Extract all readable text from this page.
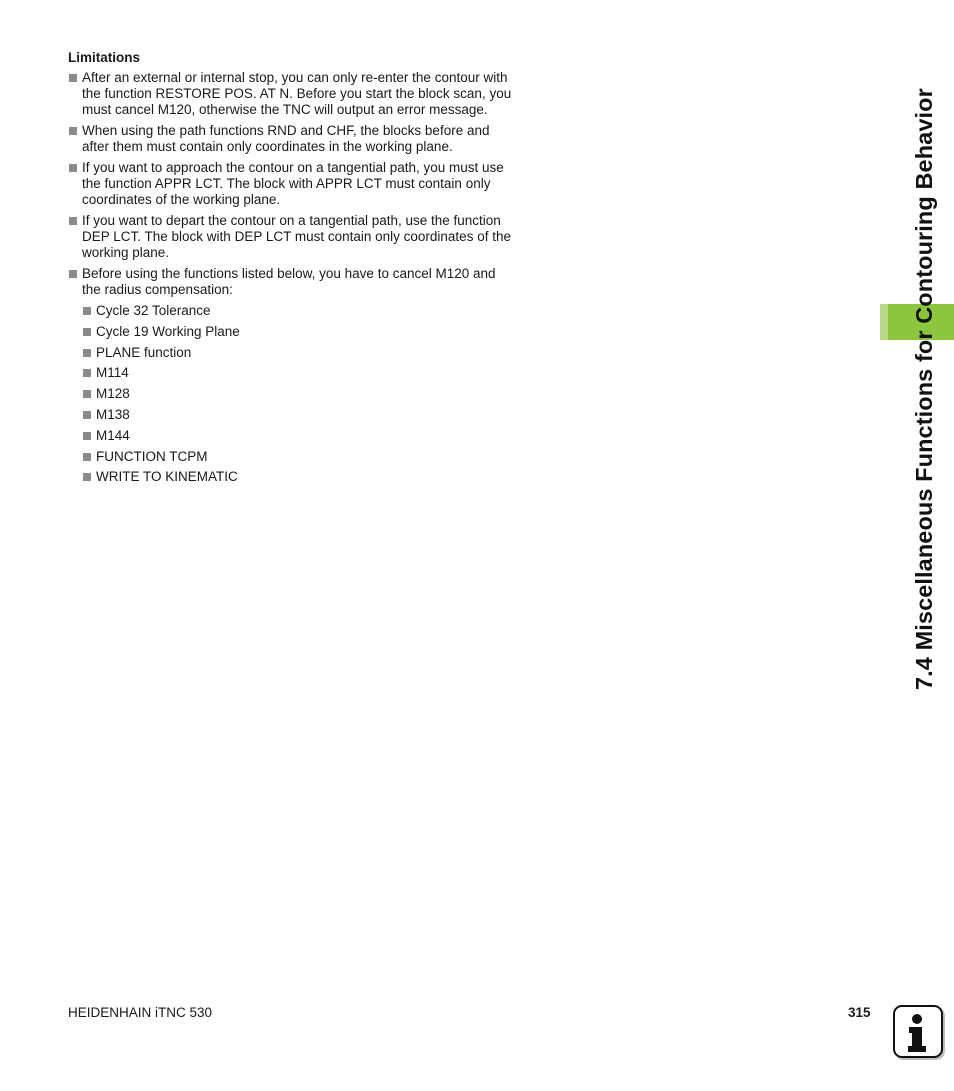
Limitations
After an external or internal stop, you can only re-enter the contour with the function RESTORE POS. AT N. Before you start the block scan, you must cancel M120, otherwise the TNC will output an error message.
When using the path functions RND and CHF, the blocks before and after them must contain only coordinates in the working plane.
If you want to approach the contour on a tangential path, you must use the function APPR LCT. The block with APPR LCT must contain only coordinates of the working plane.
If you want to depart the contour on a tangential path, use the function DEP LCT. The block with DEP LCT must contain only coordinates of the working plane.
Before using the functions listed below, you have to cancel M120 and the radius compensation:
Cycle 32 Tolerance
Cycle 19 Working Plane
PLANE function
M114
M128
M138
M144
FUNCTION TCPM
WRITE TO KINEMATIC	7.4 Miscellaneous Functions for Contouring Behavior
HEIDENHAIN iTNC 530	315
